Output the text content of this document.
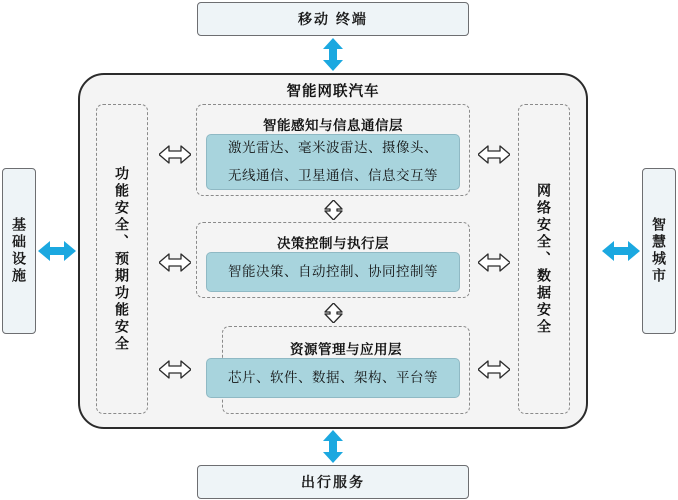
移动 终端
出行服务
基础设施	智慧城市
智能网联汽车
功能安全、预期功能安全	网络安全、数据安全
智能感知与信息通信层
激光雷达、毫米波雷达、摄像头、
无线通信、卫星通信、信息交互等
决策控制与执行层
智能决策、自动控制、协同控制等
资源管理与应用层
芯片、软件、数据、架构、平台等
